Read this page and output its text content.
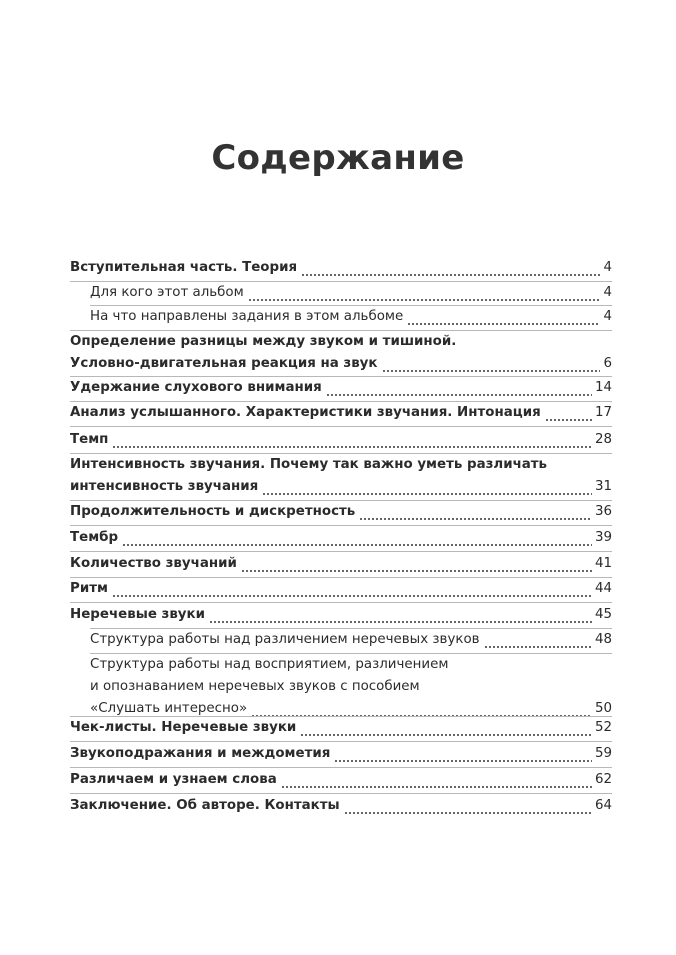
Содержание
Вступительная часть. Теория	4
Для кого этот альбом	4
На что направлены задания в этом альбоме	4
Определение разницы между звуком и тишиной.
Условно-двигательная реакция на звук	6
Удержание слухового внимания	14
Анализ услышанного. Характеристики звучания. Интонация	17
Темп	28
Интенсивность звучания. Почему так важно уметь различать
интенсивность звучания	31
Продолжительность и дискретность	36
Тембр	39
Количество звучаний	41
Ритм	44
Неречевые звуки	45
Структура работы над различением неречевых звуков	48
Структура работы над восприятием, различением
и опознаванием неречевых звуков с пособием
«Слушать интересно»	50
Чек-листы. Неречевые звуки	52
Звукоподражания и междометия	59
Различаем и узнаем слова	62
Заключение. Об авторе. Контакты	64
